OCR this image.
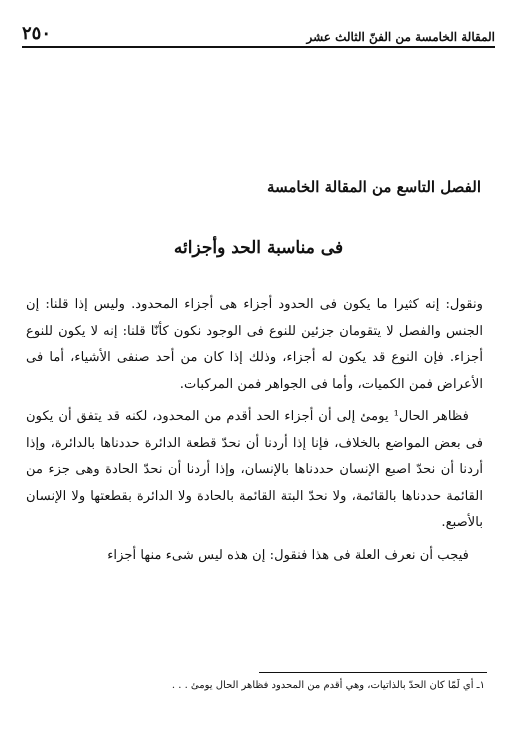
المقالة الخامسة من الفنّ الثالث عشر
٢٥٠
الفصل التاسع من المقالة الخامسة
فى مناسبة الحد وأجزائه

ونقول: إنه كثيرا ما يكون فى الحدود أجزاء هى أجزاء المحدود. وليس إذا قلنا: إن الجنس والفصل لا يتقومان جزئين للنوع فى الوجود نكون كأنّا قلنا: إنه لا يكون للنوع أجزاء. فإن النوع قد يكون له أجزاء، وذلك إذا كان من أحد صنفى الأشياء، أما فى الأعراض فمن الكميات، وأما فى الجواهر فمن المركبات.

فظاهر الحال¹ يومئ إلى أن أجزاء الحد أقدم من المحدود، لكنه قد يتفق أن يكون فى بعض المواضع بالخلاف، فإنا إذا أردنا أن نحدّ قطعة الدائرة حددناها بالدائرة، وإذا أردنا أن نحدّ اصبع الإنسان حددناها بالإنسان، وإذا أردنا أن نحدّ الحادة وهى جزء من القائمة حددناها بالقائمة، ولا نحدّ البتة القائمة بالحادة ولا الدائرة بقطعتها ولا الإنسان بالأصبع.

فيجب أن نعرف العلة فى هذا فنقول: إن هذه ليس شىء منها أجزاء

١ـ أي لَمّا كان الحدّ بالذاتيات، وهي أقدم من المحدود فظاهر الحال يومئ . . .
